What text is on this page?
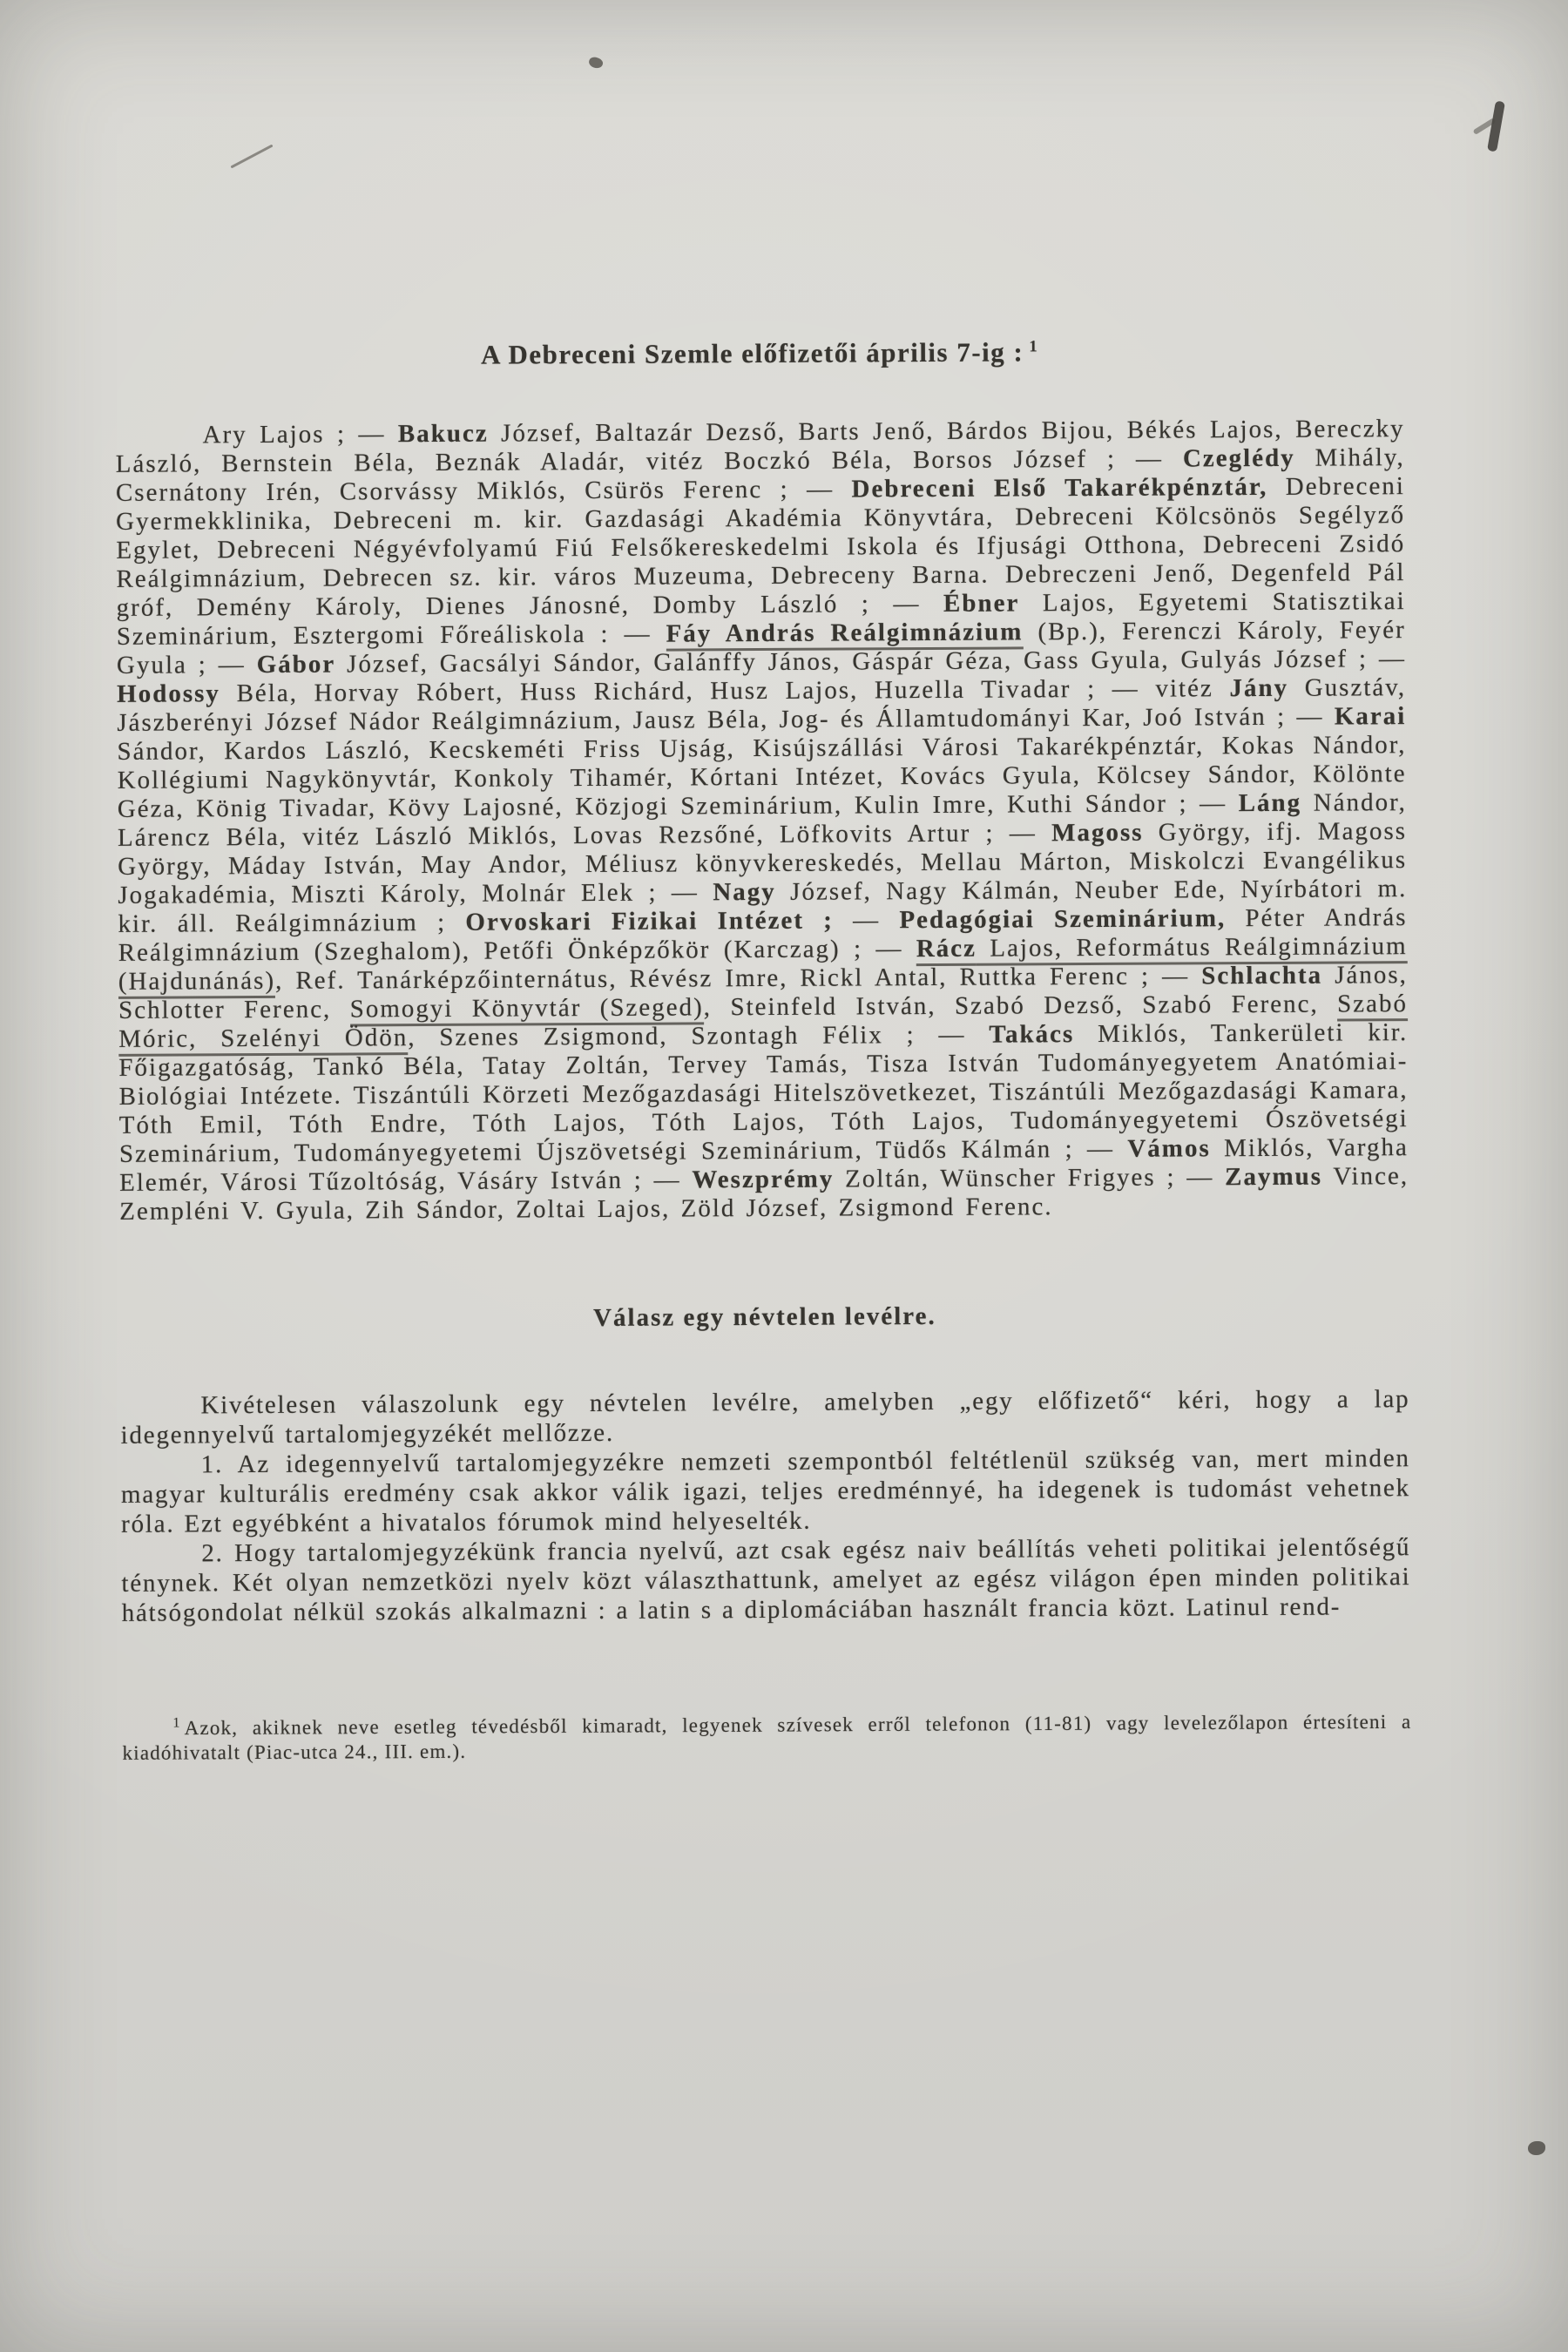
A Debreceni Szemle előfizetői április 7-ig : $^1$

Ary Lajos ; — Bakucz József, Baltazár Dezső, Barts Jenő, Bárdos Bijou, Békés Lajos, Bereczky László, Bernstein Béla, Beznák Aladár, vitéz Boczkó Béla, Borsos József ; — Czeglédy Mihály, Csernátony Irén, Csorvássy Miklós, Csürös Ferenc ; — Debreceni Első Takarékpénztár, Debreceni Gyermekklinika, Debreceni m. kir. Gazdasági Akadémia Könyvtára, Debreceni Kölcsönös Segélyző Egylet, Debreceni Négyévfolyamú Fiú Felsőkereskedelmi Iskola és Ifjusági Otthona, Debreceni Zsidó Reálgimnázium, Debrecen sz. kir. város Muzeuma, Debreceny Barna. Debreczeni Jenő, Degenfeld Pál gróf, Demény Károly, Dienes Jánosné, Domby László ; — Ébner Lajos, Egyetemi Statisztikai Szeminárium, Esztergomi Főreáliskola : — Fáy András Reálgimnázium (Bp.), Ferenczi Károly, Feyér Gyula ; — Gábor József, Gacsályi Sándor, Galánffy János, Gáspár Géza, Gass Gyula, Gulyás József ; — Hodossy Béla, Horvay Róbert, Huss Richárd, Husz Lajos, Huzella Tivadar ; — vitéz Jány Gusztáv, Jászberényi József Nádor Reálgimnázium, Jausz Béla, Jog- és Államtudományi Kar, Joó István ; — Karai Sándor, Kardos László, Kecskeméti Friss Ujság, Kisújszállási Városi Takarékpénztár, Kokas Nándor, Kollégiumi Nagykönyvtár, Konkoly Tihamér, Kórtani Intézet, Kovács Gyula, Kölcsey Sándor, Kölönte Géza, König Tivadar, Kövy Lajosné, Közjogi Szeminárium, Kulin Imre, Kuthi Sándor ; — Láng Nándor, Lárencz Béla, vitéz László Miklós, Lovas Rezsőné, Löfkovits Artur ; — Magoss György, ifj. Magoss György, Máday István, May Andor, Méliusz könyvkereskedés, Mellau Márton, Miskolczi Evangélikus Jogakadémia, Miszti Károly, Molnár Elek ; — Nagy József, Nagy Kálmán, Neuber Ede, Nyírbátori m. kir. áll. Reálgimnázium ; Orvoskari Fizikai Intézet ; — Pedagógiai Szeminárium, Péter András Reálgimnázium (Szeghalom), Petőfi Önképzőkör (Karczag) ; — Rácz Lajos, Református Reálgimnázium (Hajdunánás), Ref. Tanárképzőinternátus, Révész Imre, Rickl Antal, Ruttka Ferenc ; — Schlachta János, Schlotter Ferenc, Somogyi Könyvtár (Szeged), Steinfeld István, Szabó Dezső, Szabó Ferenc, Szabó Móric, Szelényi Ödön, Szenes Zsigmond, Szontagh Félix ; — Takács Miklós, Tankerületi kir. Főigazgatóság, Tankó Béla, Tatay Zoltán, Tervey Tamás, Tisza István Tudományegyetem Anatómiai-Biológiai Intézete. Tiszántúli Körzeti Mezőgazdasági Hitelszövetkezet, Tiszántúli Mezőgazdasági Kamara, Tóth Emil, Tóth Endre, Tóth Lajos, Tóth Lajos, Tóth Lajos, Tudományegyetemi Ószövetségi Szeminárium, Tudományegyetemi Újszövetségi Szeminárium, Tüdős Kálmán ; — Vámos Miklós, Vargha Elemér, Városi Tűzoltóság, Vásáry István ; — Weszprémy Zoltán, Wünscher Frigyes ; — Zaymus Vince, Zempléni V. Gyula, Zih Sándor, Zoltai Lajos, Zöld József, Zsigmond Ferenc.

Válasz egy névtelen levélre.

Kivételesen válaszolunk egy névtelen levélre, amelyben „egy előfizető“ kéri, hogy a lap idegennyelvű tartalomjegyzékét mellőzze.

1. Az idegennyelvű tartalomjegyzékre nemzeti szempontból feltétlenül szükség van, mert minden magyar kulturális eredmény csak akkor válik igazi, teljes eredménnyé, ha idegenek is tudomást vehetnek róla. Ezt egyébként a hivatalos fórumok mind helyeselték.

2. Hogy tartalomjegyzékünk francia nyelvű, azt csak egész naiv beállítás veheti politikai jelentőségű ténynek. Két olyan nemzetközi nyelv közt választhattunk, amelyet az egész világon épen minden politikai hátsógondolat nélkül szokás alkalmazni : a latin s a diplomáciában használt francia közt. Latinul rend-

$^1$ Azok, akiknek neve esetleg tévedésből kimaradt, legyenek szívesek erről telefonon (11-81) vagy levelezőlapon értesíteni a kiadóhivatalt (Piac-utca 24., III. em.).
